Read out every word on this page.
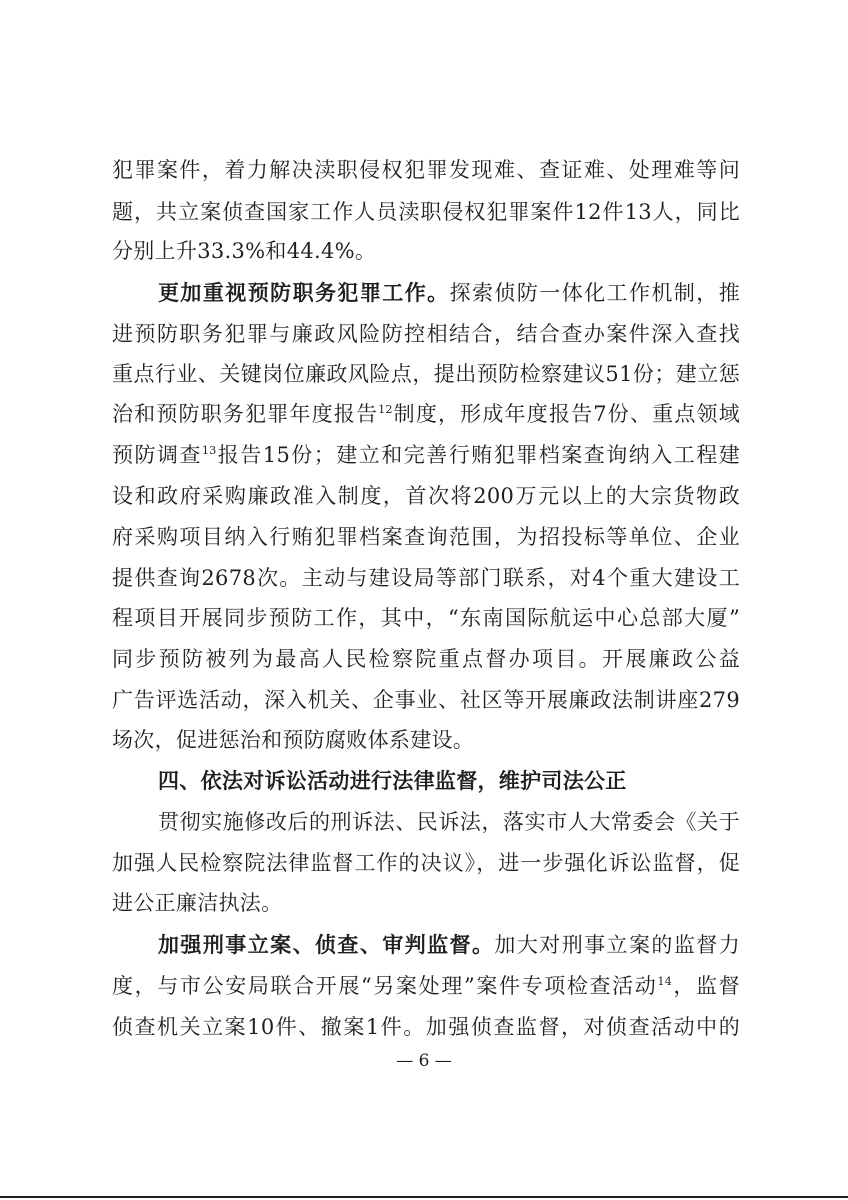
犯罪案件，着力解决渎职侵权犯罪发现难、查证难、处理难等问
题，共立案侦查国家工作人员渎职侵权犯罪案件12件13人，同比
分别上升33.3%和44.4%。
更加重视预防职务犯罪工作。探索侦防一体化工作机制，推
进预防职务犯罪与廉政风险防控相结合，结合查办案件深入查找
重点行业、关键岗位廉政风险点，提出预防检察建议51份；建立惩
治和预防职务犯罪年度报告$^{12}$制度，形成年度报告7份、重点领域
预防调查$^{13}$报告15份；建立和完善行贿犯罪档案查询纳入工程建
设和政府采购廉政准入制度，首次将200万元以上的大宗货物政
府采购项目纳入行贿犯罪档案查询范围，为招投标等单位、企业
提供查询2678次。主动与建设局等部门联系，对4个重大建设工
程项目开展同步预防工作，其中，“东南国际航运中心总部大厦”
同步预防被列为最高人民检察院重点督办项目。开展廉政公益
广告评选活动，深入机关、企事业、社区等开展廉政法制讲座279
场次，促进惩治和预防腐败体系建设。
四、依法对诉讼活动进行法律监督，维护司法公正
贯彻实施修改后的刑诉法、民诉法，落实市人大常委会《关于
加强人民检察院法律监督工作的决议》，进一步强化诉讼监督，促
进公正廉洁执法。
加强刑事立案、侦查、审判监督。加大对刑事立案的监督力
度，与市公安局联合开展“另案处理”案件专项检查活动$^{14}$，监督
侦查机关立案10件、撤案1件。加强侦查监督，对侦查活动中的
— 6 —
